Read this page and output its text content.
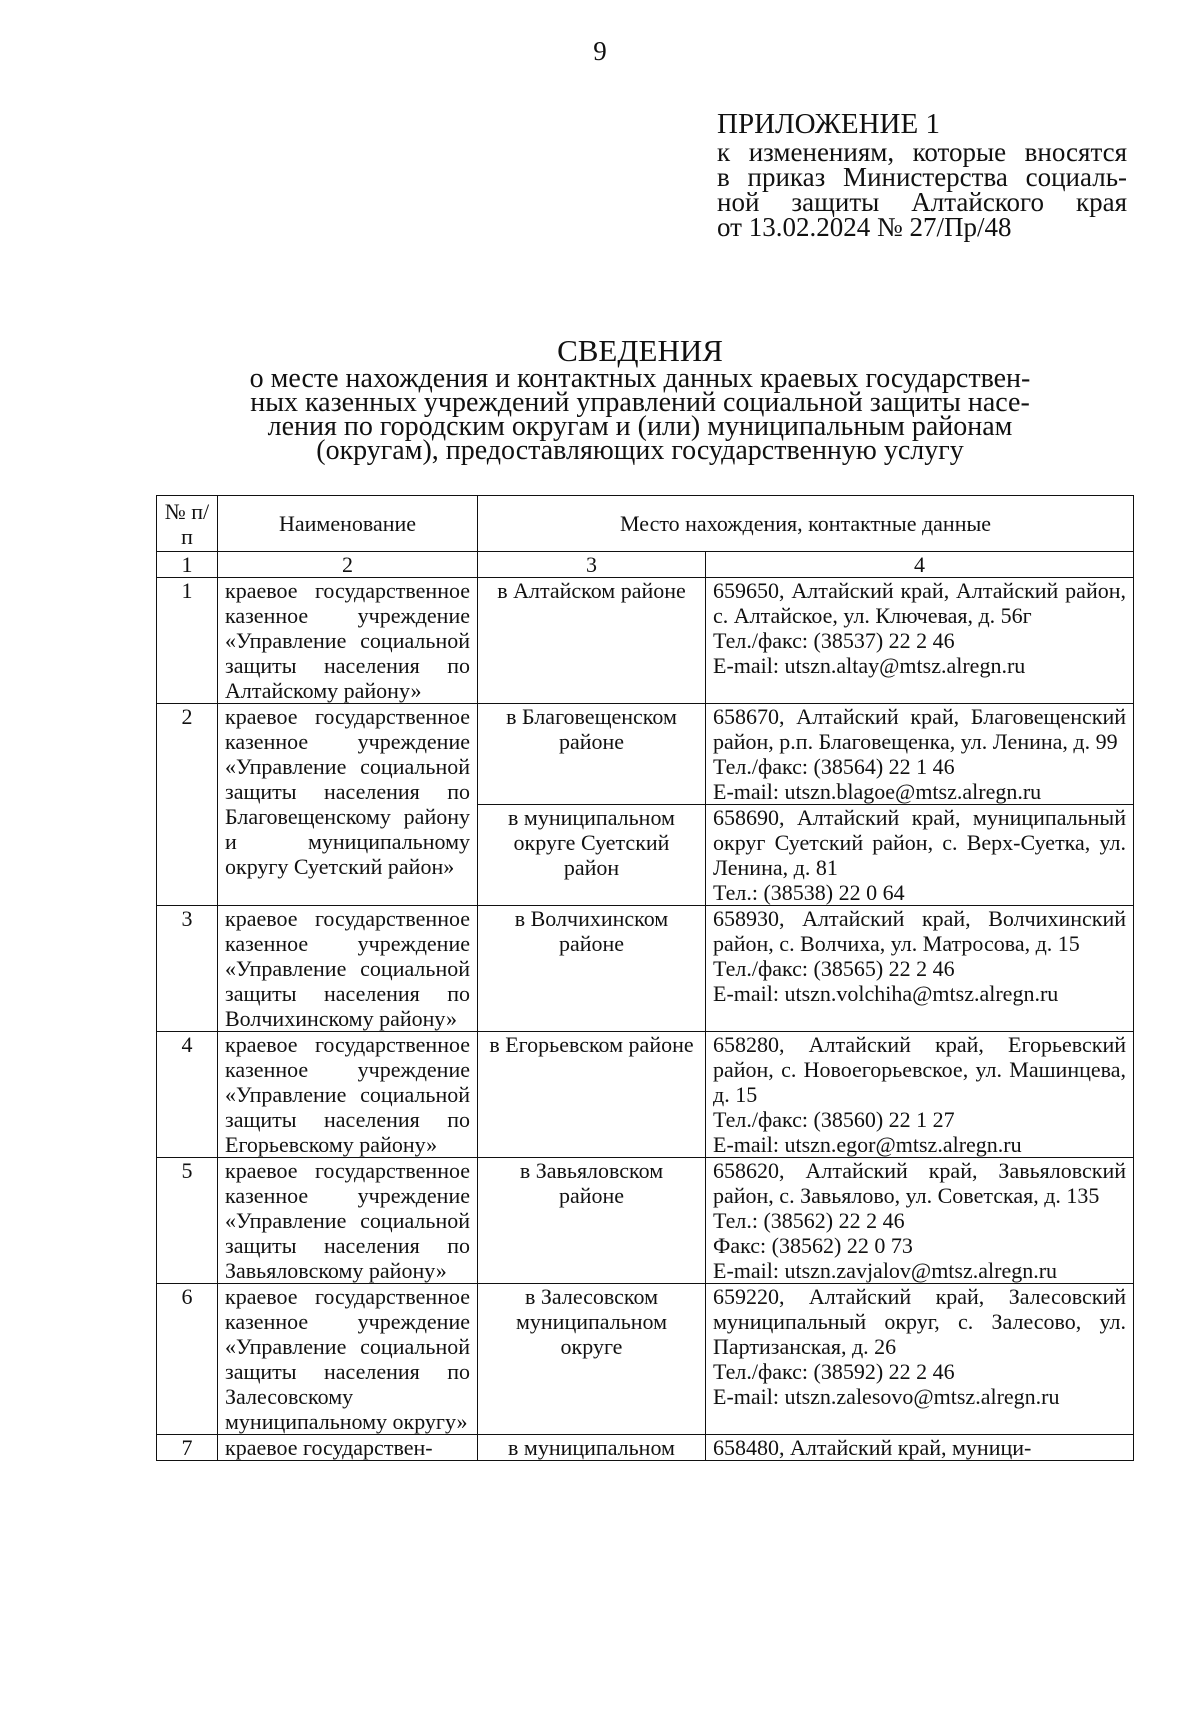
9
ПРИЛОЖЕНИЕ 1
к изменениям, которые вносятся
в приказ Министерства социаль-
ной защиты Алтайского края
от 13.02.2024 № 27/Пр/48
СВЕДЕНИЯ
о месте нахождения и контактных данных краевых государствен-
ных казенных учреждений управлений социальной защиты насе-
ления по городским округам и (или) муниципальным районам
(округам), предоставляющих государственную услугу
№ п/п	Наименование	Место нахождения, контактные данные	
1	2	3	4
1	краевое государственное казенное учреждение «Управление социальной защиты населения по Алтайскому району»	в Алтайском районе	659650, Алтайский край, Алтайский район, с. Алтайское, ул. Ключевая, д. 56г
Тел./факс: (38537) 22 2 46
E-mail: utszn.altay@mtsz.alregn.ru

2	краевое государственное казенное учреждение «Управление социальной защиты населения по Благовещенскому району и муниципальному округу Суетский район»	в Благовещенском районе	658670, Алтайский край, Благовещенский район, р.п. Благовещенка, ул. Ленина, д. 99
Тел./факс: (38564) 22 1 46
E-mail: utszn.blagoe@mtsz.alregn.ru

		в муниципальном округе Суетский район	658690, Алтайский край, муниципальный округ Суетский район, с. Верх-Суетка, ул. Ленина, д. 81
Тел.: (38538) 22 0 64

3	краевое государственное казенное учреждение «Управление социальной защиты населения по Волчихинскому району»	в Волчихинском районе	658930, Алтайский край, Волчихинский район, с. Волчиха, ул. Матросова, д. 15
Тел./факс: (38565) 22 2 46
E-mail: utszn.volchiha@mtsz.alregn.ru

4	краевое государственное казенное учреждение «Управление социальной защиты населения по Егорьевскому району»	в Егорьевском районе	658280, Алтайский край, Егорьевский район, с. Новоегорьевское, ул. Машинцева, д. 15
Тел./факс: (38560) 22 1 27
E-mail: utszn.egor@mtsz.alregn.ru

5	краевое государственное казенное учреждение «Управление социальной защиты населения по Завьяловскому району»	в Завьяловском районе	658620, Алтайский край, Завьяловский район, с. Завьялово, ул. Советская, д. 135
Тел.: (38562) 22 2 46
Факс: (38562) 22 0 73
E-mail: utszn.zavjalov@mtsz.alregn.ru

6	краевое государственное казенное учреждение «Управление социальной защиты населения по Залесовскому муниципальному округу»	в Залесовском муниципальном округе	659220, Алтайский край, Залесовский муниципальный округ, с. Залесово, ул. Партизанская, д. 26
Тел./факс: (38592) 22 2 46
E-mail: utszn.zalesovo@mtsz.alregn.ru

7	краевое государствен-	в муниципальном	658480, Алтайский край, муници-
